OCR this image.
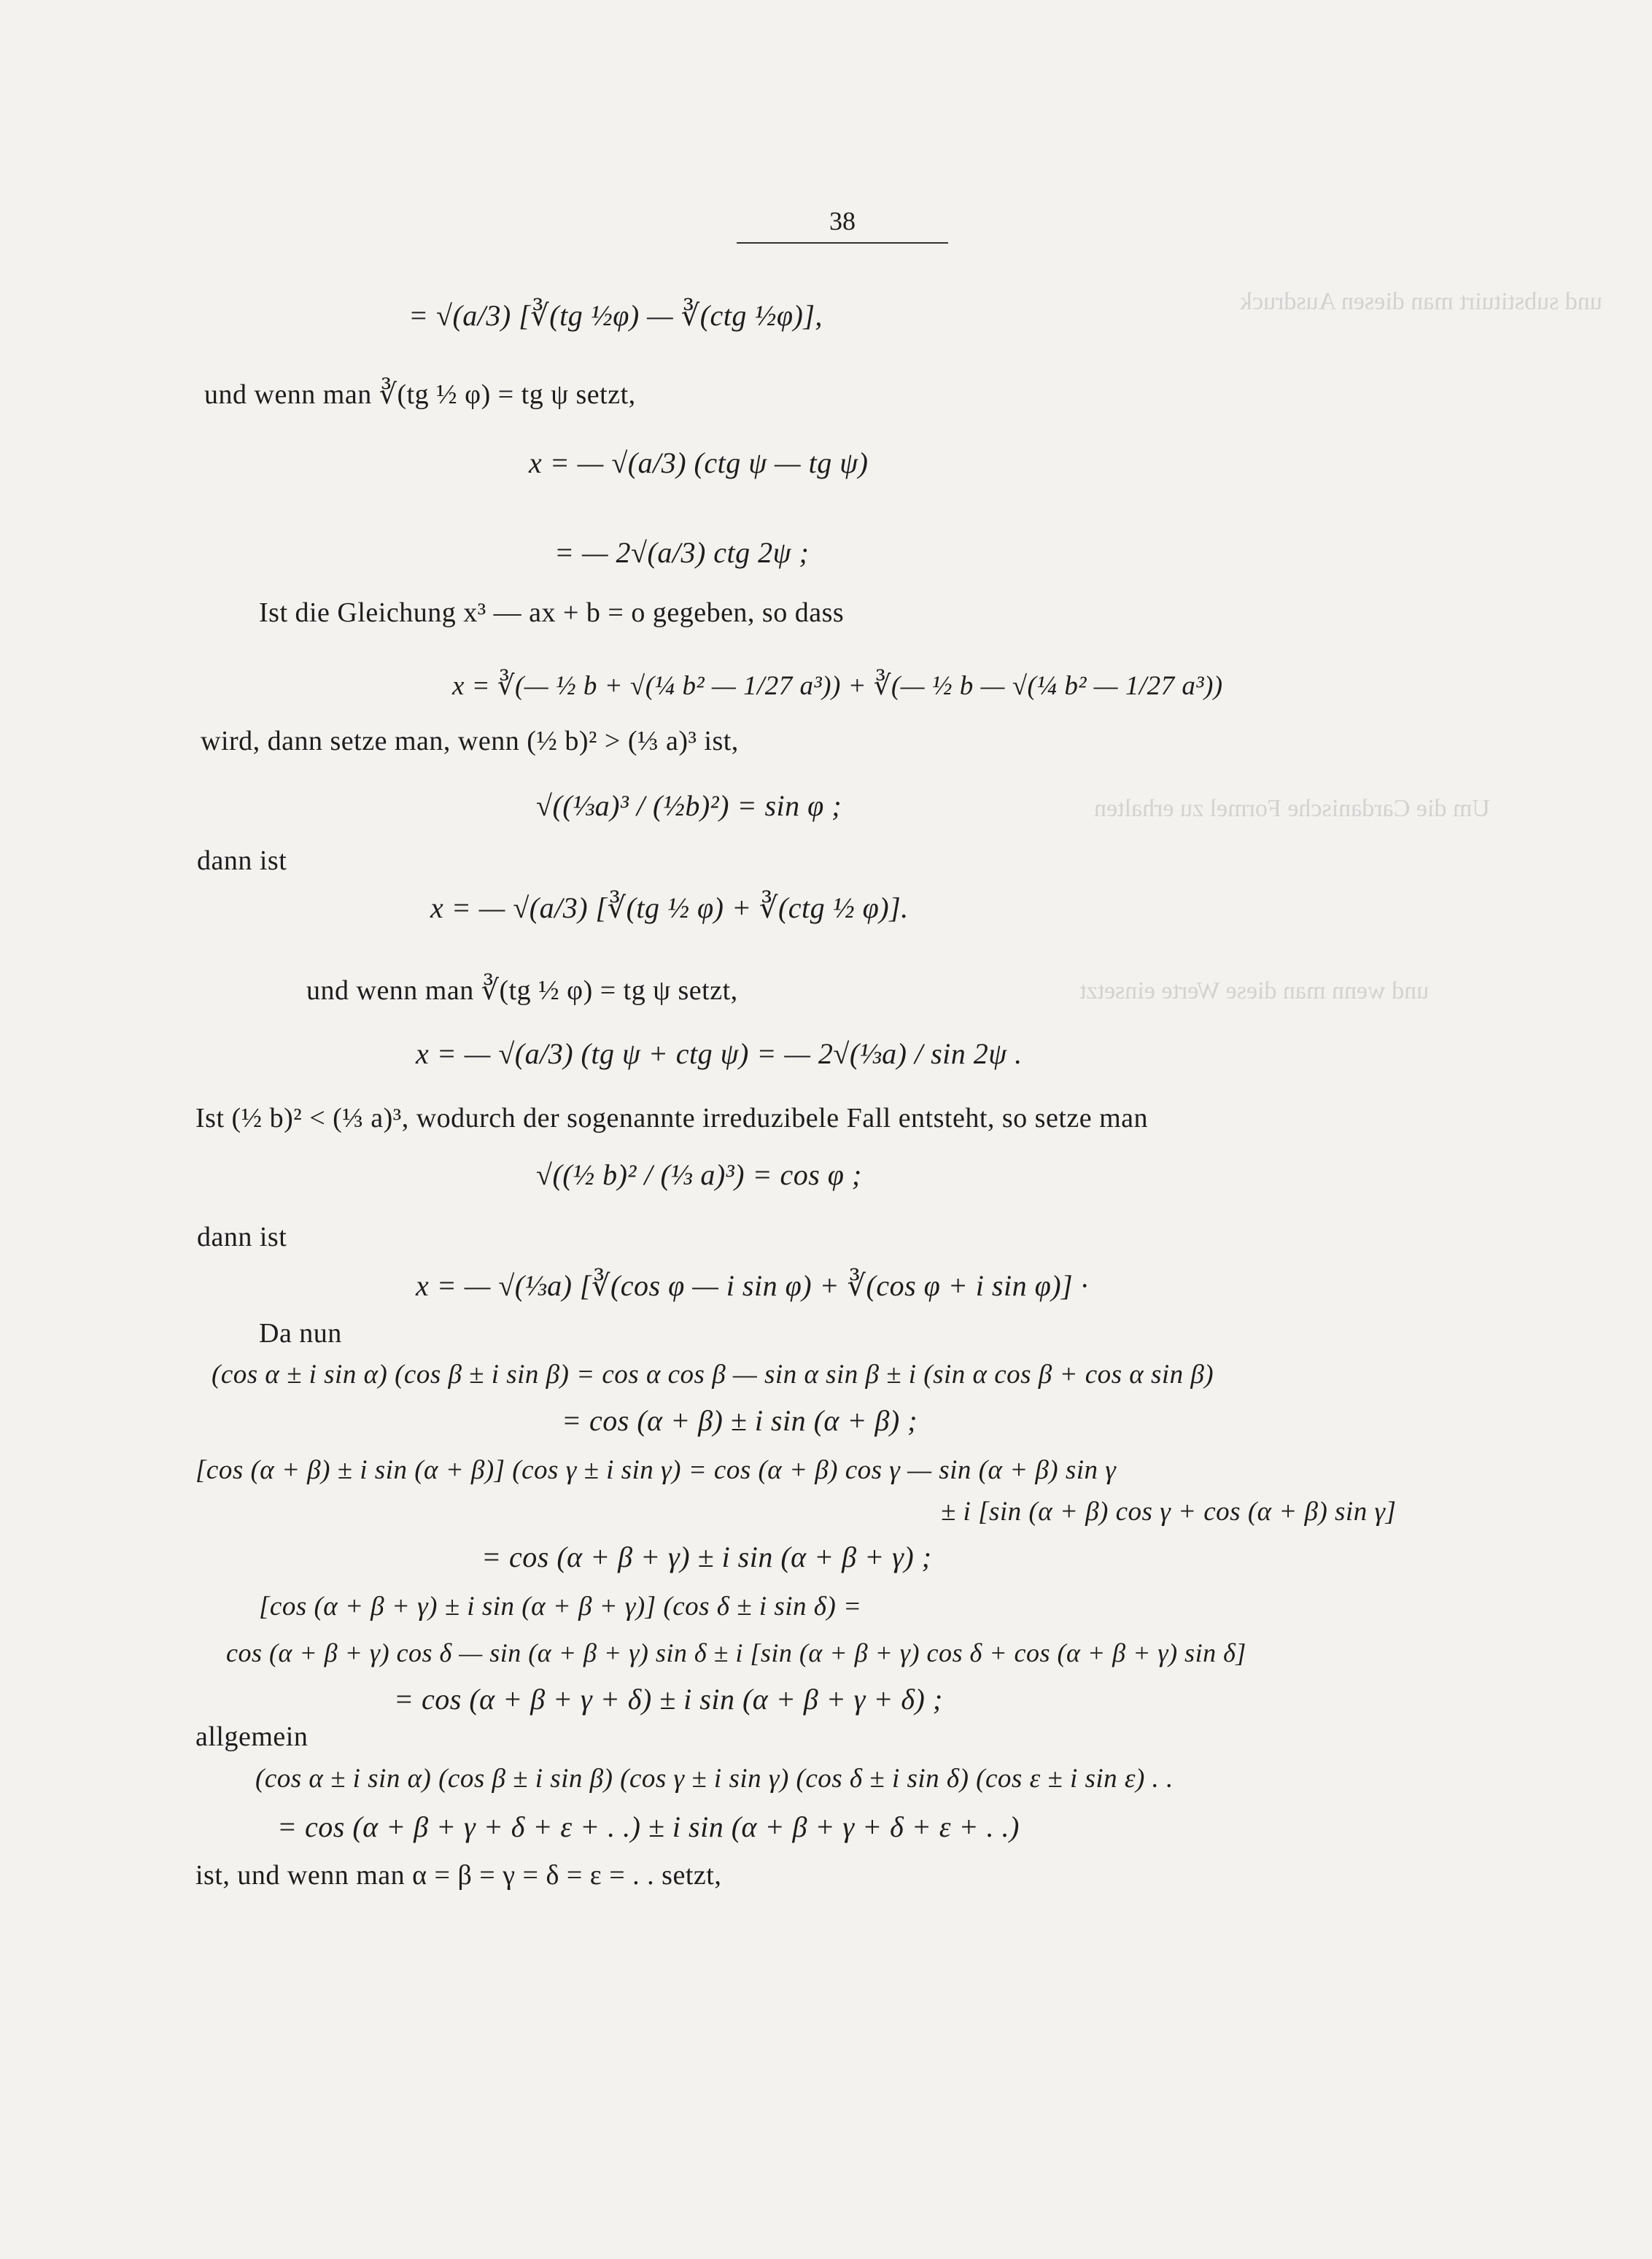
und substituirt man diesen Ausdruck
Um die Cardanische Formel zu erhalten
und wenn man diese Werte einsetzt
38
= √(a/3) [∛(tg ½φ) — ∛(ctg ½φ)],
und wenn man ∛(tg ½ φ) = tg ψ setzt,
x = — √(a/3) (ctg ψ — tg ψ)
= — 2√(a/3) ctg 2ψ ;
Ist die Gleichung x³ — ax + b = o gegeben, so dass
x = ∛(— ½ b + √(¼ b² — 1/27 a³)) + ∛(— ½ b — √(¼ b² — 1/27 a³))
wird, dann setze man, wenn (½ b)² > (⅓ a)³ ist,
√((⅓a)³ / (½b)²) = sin φ ;
dann ist
x = — √(a/3) [∛(tg ½ φ) + ∛(ctg ½ φ)].
und wenn man ∛(tg ½ φ) = tg ψ setzt,
x = — √(a/3) (tg ψ + ctg ψ) = — 2√(⅓a) / sin 2ψ .
Ist (½ b)² < (⅓ a)³, wodurch der sogenannte irreduzibele Fall entsteht, so setze man
√((½ b)² / (⅓ a)³) = cos φ ;
dann ist
x = — √(⅓a) [∛(cos φ — i sin φ) + ∛(cos φ + i sin φ)] ·
Da nun
(cos α ± i sin α) (cos β ± i sin β) = cos α cos β — sin α sin β ± i (sin α cos β + cos α sin β)
= cos (α + β) ± i sin (α + β) ;
[cos (α + β) ± i sin (α + β)] (cos γ ± i sin γ) = cos (α + β) cos γ — sin (α + β) sin γ
± i [sin (α + β) cos γ + cos (α + β) sin γ]
= cos (α + β + γ) ± i sin (α + β + γ) ;
[cos (α + β + γ) ± i sin (α + β + γ)] (cos δ ± i sin δ) =
cos (α + β + γ) cos δ — sin (α + β + γ) sin δ ± i [sin (α + β + γ) cos δ + cos (α + β + γ) sin δ]
= cos (α + β + γ + δ) ± i sin (α + β + γ + δ) ;
allgemein
(cos α ± i sin α) (cos β ± i sin β) (cos γ ± i sin γ) (cos δ ± i sin δ) (cos ε ± i sin ε) . .
= cos (α + β + γ + δ + ε + . .) ± i sin (α + β + γ + δ + ε + . .)
ist, und wenn man α = β = γ = δ = ε = . . setzt,
